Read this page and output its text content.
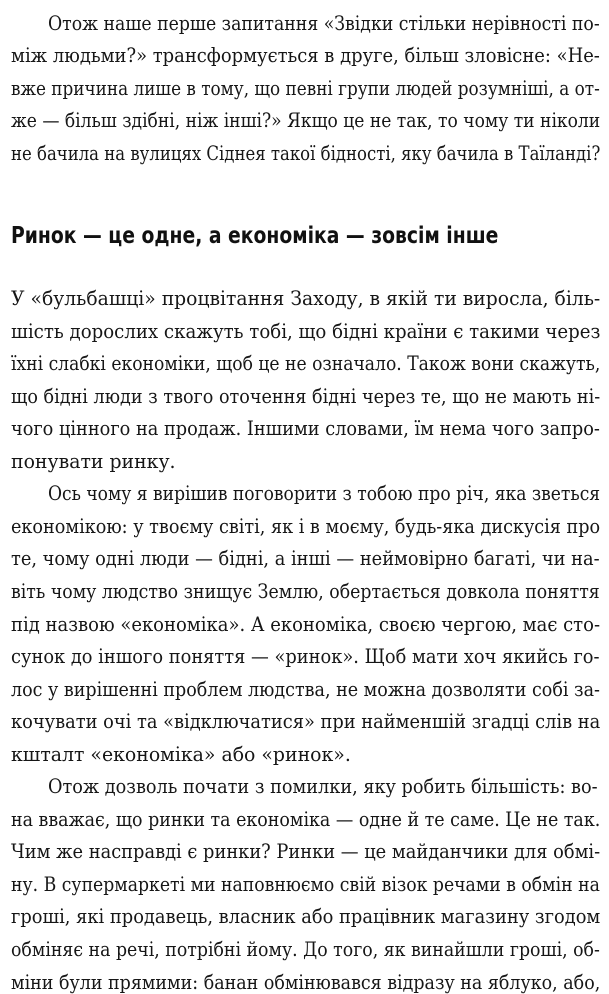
Отож наше перше запитання «Звідки стільки нерівності по-
між людьми?» трансформується в друге, більш зловісне: «Не-
вже причина лише в тому, що певні групи людей розумніші, а от-
же — більш здібні, ніж інші?» Якщо це не так, то чому ти ніколи
не бачила на вулицях Сіднея такої бідності, яку бачила в Таїланді?
Ринок — це одне, а економіка — зовсім інше
У «бульбашці» процвітання Заходу, в якій ти виросла, біль-
шість дорослих скажуть тобі, що бідні країни є такими через
їхні слабкі економіки, щоб це не означало. Також вони скажуть,
що бідні люди з твого оточення бідні через те, що не мають ні-
чого цінного на продаж. Іншими словами, їм нема чого запро-
понувати ринку.
Ось чому я вирішив поговорити з тобою про річ, яка зветься
економікою: у твоєму світі, як і в моєму, будь-яка дискусія про
те, чому одні люди — бідні, а інші — неймовірно багаті, чи на-
віть чому людство знищує Землю, обертається довкола поняття
під назвою «економіка». А економіка, своєю чергою, має сто-
сунок до іншого поняття — «ринок». Щоб мати хоч якийсь го-
лос у вирішенні проблем людства, не можна дозволяти собі за-
кочувати очі та «відключатися» при найменшій згадці слів на
кшталт «економіка» або «ринок».
Отож дозволь почати з помилки, яку робить більшість: во-
на вважає, що ринки та економіка — одне й те саме. Це не так.
Чим же насправді є ринки? Ринки — це майданчики для обмі-
ну. В супермаркеті ми наповнюємо свій візок речами в обмін на
гроші, які продавець, власник або працівник магазину згодом
обміняє на речі, потрібні йому. До того, як винайшли гроші, об-
міни були прямими: банан обмінювався відразу на яблуко, або,
